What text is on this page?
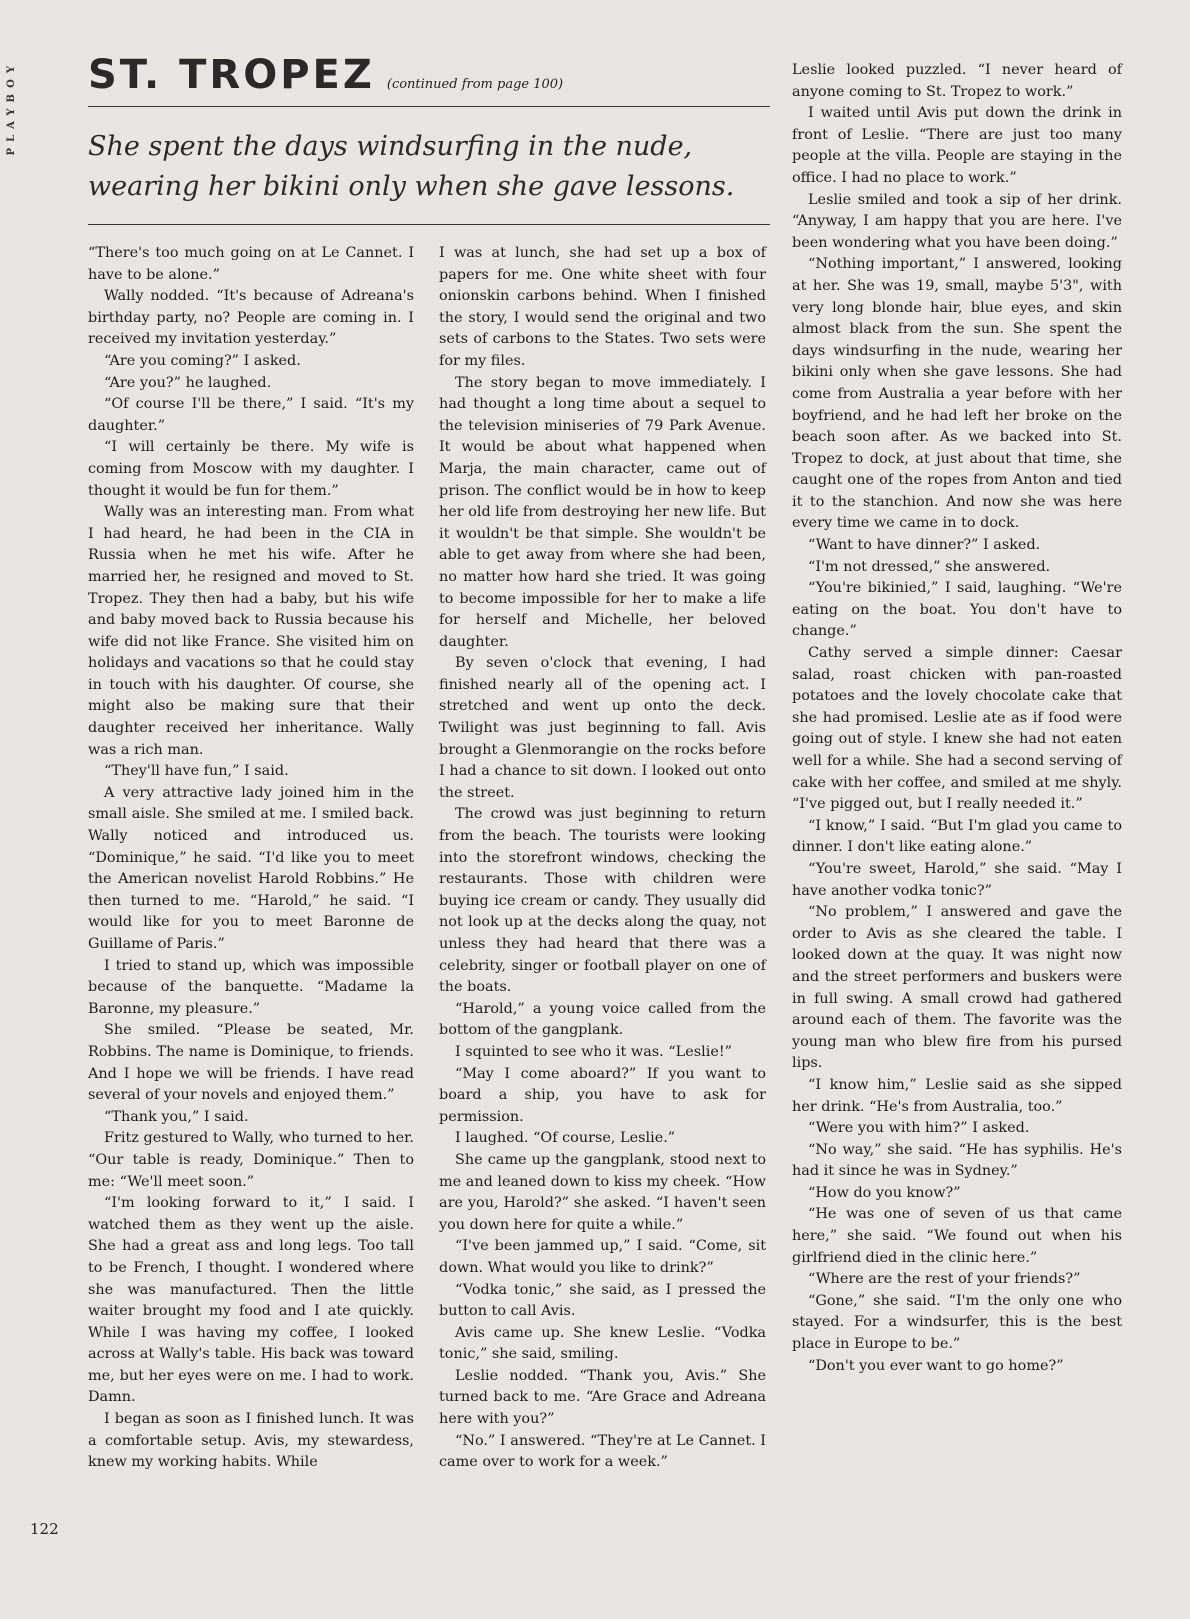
PLAYBOY
122
ST. TROPEZ (continued from page 100)
She spent the days windsurfing in the nude, wearing her bikini only when she gave lessons.

“There's too much going on at Le Cannet. I have to be alone.”

Wally nodded. “It's because of Adreana's birthday party, no? People are coming in. I received my invitation yesterday.”

“Are you coming?” I asked.

“Are you?” he laughed.

“Of course I'll be there,” I said. “It's my daughter.”

“I will certainly be there. My wife is coming from Moscow with my daughter. I thought it would be fun for them.”

Wally was an interesting man. From what I had heard, he had been in the CIA in Russia when he met his wife. After he married her, he resigned and moved to St. Tropez. They then had a baby, but his wife and baby moved back to Russia because his wife did not like France. She visited him on holidays and vacations so that he could stay in touch with his daughter. Of course, she might also be making sure that their daughter received her inheritance. Wally was a rich man.

“They'll have fun,” I said.

A very attractive lady joined him in the small aisle. She smiled at me. I smiled back. Wally noticed and introduced us. “Dominique,” he said. “I'd like you to meet the American novelist Harold Robbins.” He then turned to me. “Harold,” he said. “I would like for you to meet Baronne de Guillame of Paris.”

I tried to stand up, which was impossible because of the banquette. “Madame la Baronne, my pleasure.”

She smiled. “Please be seated, Mr. Robbins. The name is Dominique, to friends. And I hope we will be friends. I have read several of your novels and enjoyed them.”

“Thank you,” I said.

Fritz gestured to Wally, who turned to her. “Our table is ready, Dominique.” Then to me: “We'll meet soon.”

“I'm looking forward to it,” I said. I watched them as they went up the aisle. She had a great ass and long legs. Too tall to be French, I thought. I wondered where she was manufactured. Then the little waiter brought my food and I ate quickly. While I was having my coffee, I looked across at Wally's table. His back was toward me, but her eyes were on me. I had to work. Damn.

I began as soon as I finished lunch. It was a comfortable setup. Avis, my stewardess, knew my working habits. While

I was at lunch, she had set up a box of papers for me. One white sheet with four onionskin carbons behind. When I finished the story, I would send the original and two sets of carbons to the States. Two sets were for my files.

The story began to move immediately. I had thought a long time about a sequel to the television miniseries of 79 Park Avenue. It would be about what happened when Marja, the main character, came out of prison. The conflict would be in how to keep her old life from destroying her new life. But it wouldn't be that simple. She wouldn't be able to get away from where she had been, no matter how hard she tried. It was going to become impossible for her to make a life for herself and Michelle, her beloved daughter.

By seven o'clock that evening, I had finished nearly all of the opening act. I stretched and went up onto the deck. Twilight was just beginning to fall. Avis brought a Glenmorangie on the rocks before I had a chance to sit down. I looked out onto the street.

The crowd was just beginning to return from the beach. The tourists were looking into the storefront windows, checking the restaurants. Those with children were buying ice cream or candy. They usually did not look up at the decks along the quay, not unless they had heard that there was a celebrity, singer or football player on one of the boats.

“Harold,” a young voice called from the bottom of the gangplank.

I squinted to see who it was. “Leslie!”

“May I come aboard?” If you want to board a ship, you have to ask for permission.

I laughed. “Of course, Leslie.”

She came up the gangplank, stood next to me and leaned down to kiss my cheek. “How are you, Harold?” she asked. “I haven't seen you down here for quite a while.”

“I've been jammed up,” I said. “Come, sit down. What would you like to drink?”

“Vodka tonic,” she said, as I pressed the button to call Avis.

Avis came up. She knew Leslie. “Vodka tonic,” she said, smiling.

Leslie nodded. “Thank you, Avis.” She turned back to me. “Are Grace and Adreana here with you?”

“No.” I answered. “They're at Le Cannet. I came over to work for a week.”

Leslie looked puzzled. “I never heard of anyone coming to St. Tropez to work.”

I waited until Avis put down the drink in front of Leslie. “There are just too many people at the villa. People are staying in the office. I had no place to work.”

Leslie smiled and took a sip of her drink. “Anyway, I am happy that you are here. I've been wondering what you have been doing.”

“Nothing important,” I answered, looking at her. She was 19, small, maybe 5'3", with very long blonde hair, blue eyes, and skin almost black from the sun. She spent the days windsurfing in the nude, wearing her bikini only when she gave lessons. She had come from Australia a year before with her boyfriend, and he had left her broke on the beach soon after. As we backed into St. Tropez to dock, at just about that time, she caught one of the ropes from Anton and tied it to the stanchion. And now she was here every time we came in to dock.

“Want to have dinner?” I asked.

“I'm not dressed,” she answered.

“You're bikinied,” I said, laughing. “We're eating on the boat. You don't have to change.”

Cathy served a simple dinner: Caesar salad, roast chicken with pan-roasted potatoes and the lovely chocolate cake that she had promised. Leslie ate as if food were going out of style. I knew she had not eaten well for a while. She had a second serving of cake with her coffee, and smiled at me shyly. “I've pigged out, but I really needed it.”

“I know,” I said. “But I'm glad you came to dinner. I don't like eating alone.”

“You're sweet, Harold,” she said. “May I have another vodka tonic?”

“No problem,” I answered and gave the order to Avis as she cleared the table. I looked down at the quay. It was night now and the street performers and buskers were in full swing. A small crowd had gathered around each of them. The favorite was the young man who blew fire from his pursed lips.

“I know him,” Leslie said as she sipped her drink. “He's from Australia, too.”

“Were you with him?” I asked.

“No way,” she said. “He has syphilis. He's had it since he was in Sydney.”

“How do you know?”

“He was one of seven of us that came here,” she said. “We found out when his girlfriend died in the clinic here.”

“Where are the rest of your friends?”

“Gone,” she said. “I'm the only one who stayed. For a windsurfer, this is the best place in Europe to be.”

“Don't you ever want to go home?”
